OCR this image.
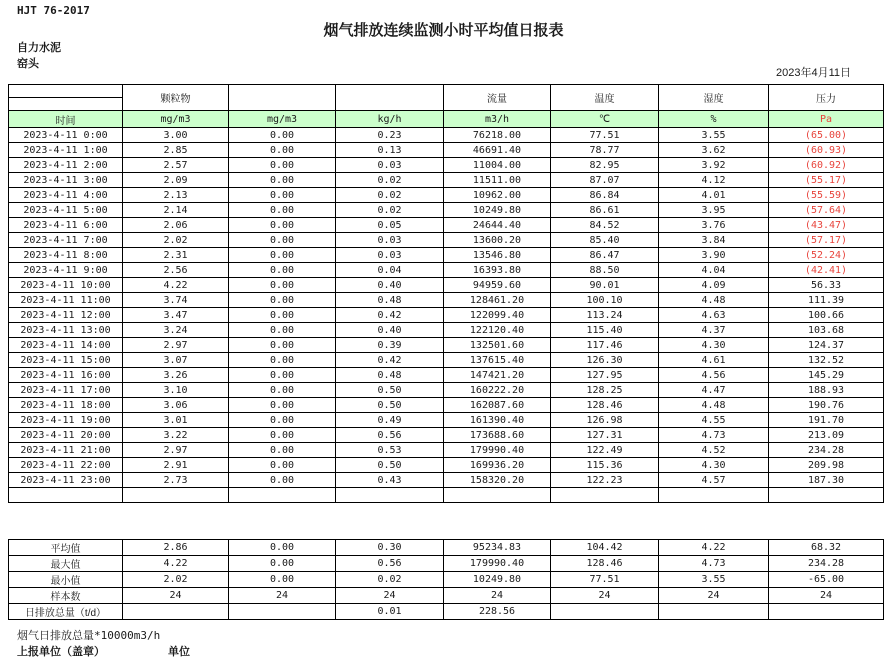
HJT 76-2017
烟气排放连续监测小时平均值日报表
自力水泥
窑头
2023年4月11日
	颗粒物			流量	温度	湿度	压力

时间	mg/m3	mg/m3	kg/h	m3/h	℃	%	Pa
2023-4-11 0:00	3.00	0.00	0.23	76218.00	77.51	3.55	(65.00)
2023-4-11 1:00	2.85	0.00	0.13	46691.40	78.77	3.62	(60.93)
2023-4-11 2:00	2.57	0.00	0.03	11004.00	82.95	3.92	(60.92)
2023-4-11 3:00	2.09	0.00	0.02	11511.00	87.07	4.12	(55.17)
2023-4-11 4:00	2.13	0.00	0.02	10962.00	86.84	4.01	(55.59)
2023-4-11 5:00	2.14	0.00	0.02	10249.80	86.61	3.95	(57.64)
2023-4-11 6:00	2.06	0.00	0.05	24644.40	84.52	3.76	(43.47)
2023-4-11 7:00	2.02	0.00	0.03	13600.20	85.40	3.84	(57.17)
2023-4-11 8:00	2.31	0.00	0.03	13546.80	86.47	3.90	(52.24)
2023-4-11 9:00	2.56	0.00	0.04	16393.80	88.50	4.04	(42.41)
2023-4-11 10:00	4.22	0.00	0.40	94959.60	90.01	4.09	56.33
2023-4-11 11:00	3.74	0.00	0.48	128461.20	100.10	4.48	111.39
2023-4-11 12:00	3.47	0.00	0.42	122099.40	113.24	4.63	100.66
2023-4-11 13:00	3.24	0.00	0.40	122120.40	115.40	4.37	103.68
2023-4-11 14:00	2.97	0.00	0.39	132501.60	117.46	4.30	124.37
2023-4-11 15:00	3.07	0.00	0.42	137615.40	126.30	4.61	132.52
2023-4-11 16:00	3.26	0.00	0.48	147421.20	127.95	4.56	145.29
2023-4-11 17:00	3.10	0.00	0.50	160222.20	128.25	4.47	188.93
2023-4-11 18:00	3.06	0.00	0.50	162087.60	128.46	4.48	190.76
2023-4-11 19:00	3.01	0.00	0.49	161390.40	126.98	4.55	191.70
2023-4-11 20:00	3.22	0.00	0.56	173688.60	127.31	4.73	213.09
2023-4-11 21:00	2.97	0.00	0.53	179990.40	122.49	4.52	234.28
2023-4-11 22:00	2.91	0.00	0.50	169936.20	115.36	4.30	209.98
2023-4-11 23:00	2.73	0.00	0.43	158320.20	122.23	4.57	187.30

平均值	2.86	0.00	0.30	95234.83	104.42	4.22	68.32
最大值	4.22	0.00	0.56	179990.40	128.46	4.73	234.28
最小值	2.02	0.00	0.02	10249.80	77.51	3.55	-65.00
样本数	24	24	24	24	24	24	24
日排放总量（t/d）			0.01	228.56			
烟气日排放总量*10000m3/h
上报单位（盖章）	单位
